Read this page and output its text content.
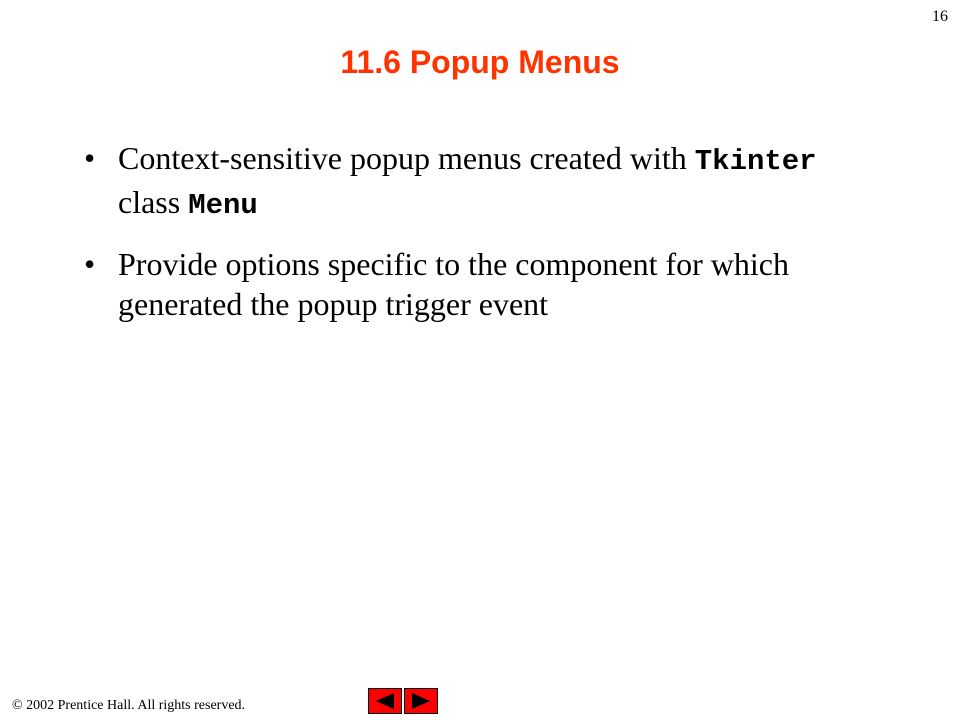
16
11.6 Popup Menus
• Context-sensitive popup menus created with Tkinter class Menu
• Provide options specific to the component for which generated the popup trigger event
© 2002 Prentice Hall. All rights reserved.
